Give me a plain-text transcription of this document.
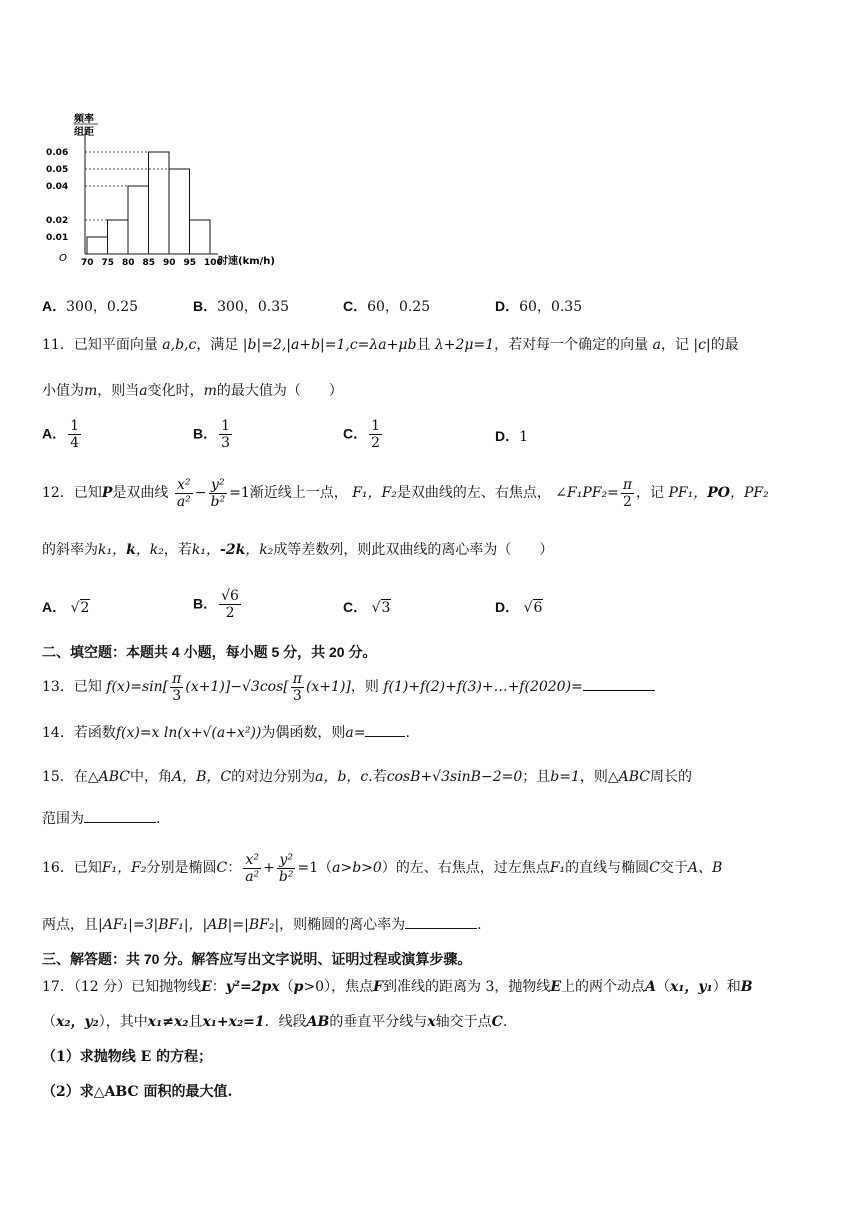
频率
组距
O
0.06
0.05
0.04
0.02
0.01
70 75 80 85 90 95 100
时速(km/h)
A．300，0.25	B．300，0.35	C．60，0.25	D．60，0.35
11．已知平面向量 a,b,c，满足 |b|=2,|a+b|=1,c=λa+μb且 λ+2μ=1，若对每一个确定的向量 a，记 |c|的最
小值为m，则当a变化时，m的最大值为（　　）
A． $\frac{1}{4}$	B． $\frac{1}{3}$	C． $\frac{1}{2}$	D．1
12．已知P是双曲线 $\frac{\text{x²}}{\text{a²}} - \frac{\text{y²}}{\text{b²}} =1$渐近线上一点， F₁，F₂是双曲线的左、右焦点， ∠F₁PF₂= $\frac{\pi}{2}$ ，记 PF₁，PO，PF₂
的斜率为k₁，k，k₂，若k₁，-2k，k₂成等差数列，则此双曲线的离心率为（　　）
A． √2	B． $\frac{√6}{2}$	C． √3	D． √6
二、填空题：本题共 4 小题，每小题 5 分，共 20 分。
13．已知 $f(x)=\sin[ \frac{\pi}{3} (x+1)]-√3\cos[ \frac{\pi}{3} (x+1)]$，则 f(1)+f(2)+f(3)+…+f(2020)=
14．若函数f(x)=x ln(x+√(a+x²))为偶函数，则a=	.
15．在△ABC中，角A，B，C的对边分别为a，b，c.若cosB+√3sinB−2=0；且b=1，则△ABC周长的
范围为	.
16．已知F₁，F₂分别是椭圆C： $\frac{\text{x²}}{\text{a²}} + \frac{\text{y²}}{\text{b²}} =1(a>b>0)$的左、右焦点，过左焦点F₁的直线与椭圆C交于A、B
两点，且|AF₁|=3|BF₁|，|AB|=|BF₂|，则椭圆的离心率为	.
三、解答题：共 70 分。解答应写出文字说明、证明过程或演算步骤。
17．（12 分）已知抛物线E：y²=2px（p>0），焦点F到准线的距离为 3，抛物线E上的两个动点A（x₁，y₁）和B
（x₂，y₂），其中x₁≠x₂且x₁+x₂=1．线段AB的垂直平分线与x轴交于点C.
（1）求抛物线 E 的方程；
（2）求△ABC 面积的最大值.
